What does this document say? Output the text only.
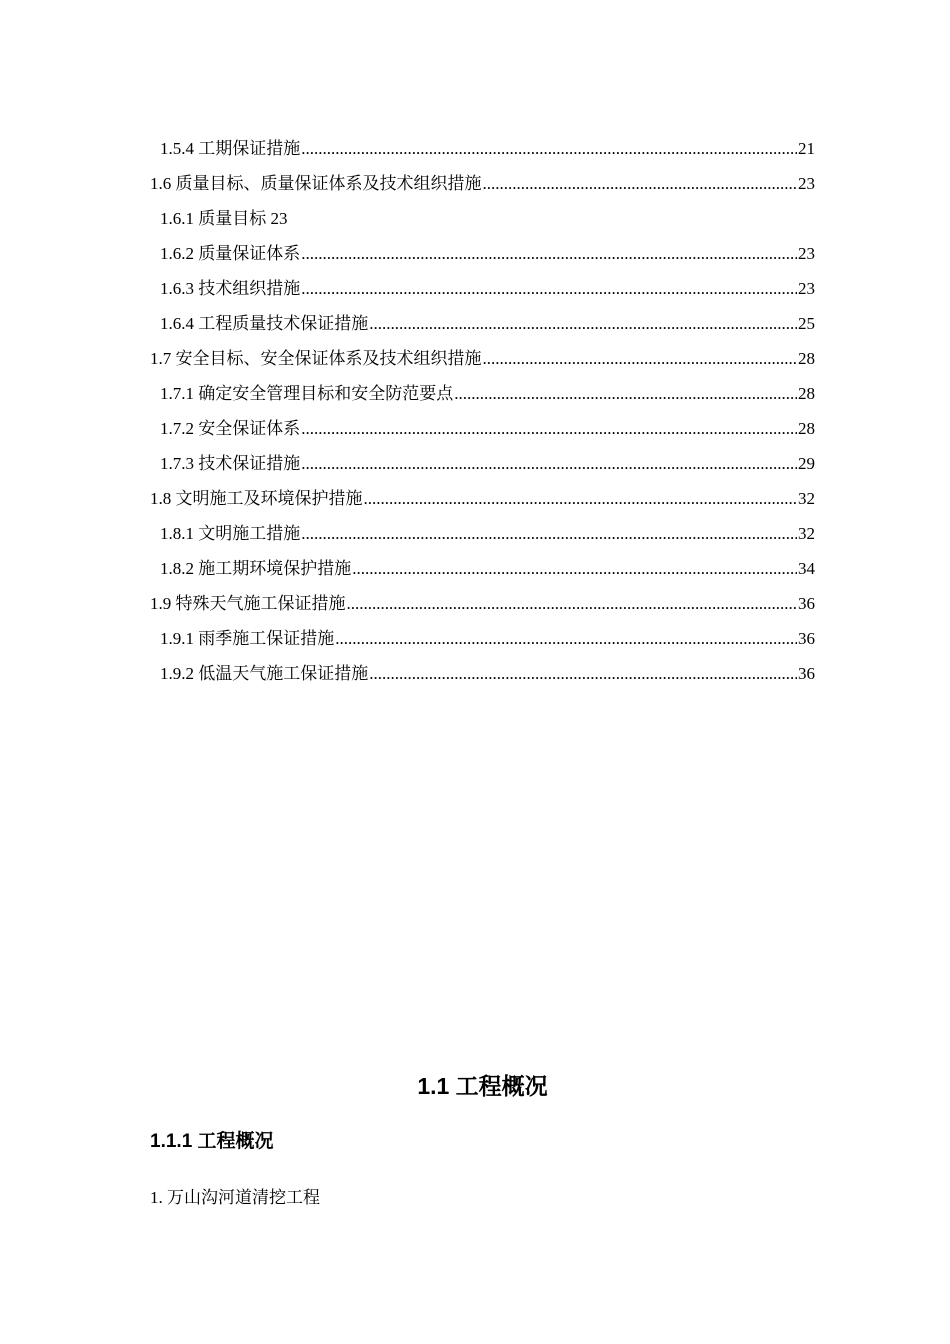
1.5.4 工期保证措施 .....	21
1.6 质量目标、质量保证体系及技术组织措施 .....	23
1.6.1 质量目标 23
1.6.2 质量保证体系 .....	23
1.6.3 技术组织措施 .....	23
1.6.4 工程质量技术保证措施 .....	25
1.7 安全目标、安全保证体系及技术组织措施 .....	28
1.7.1 确定安全管理目标和安全防范要点 .....	28
1.7.2 安全保证体系 .....	28
1.7.3 技术保证措施 .....	29
1.8 文明施工及环境保护措施 .....	32
1.8.1 文明施工措施 .....	32
1.8.2 施工期环境保护措施 .....	34
1.9 特殊天气施工保证措施 .....	36
1.9.1 雨季施工保证措施 .....	36
1.9.2 低温天气施工保证措施 .....	36
1.1 工程概况
1.1.1 工程概况

1. 万山沟河道清挖工程
